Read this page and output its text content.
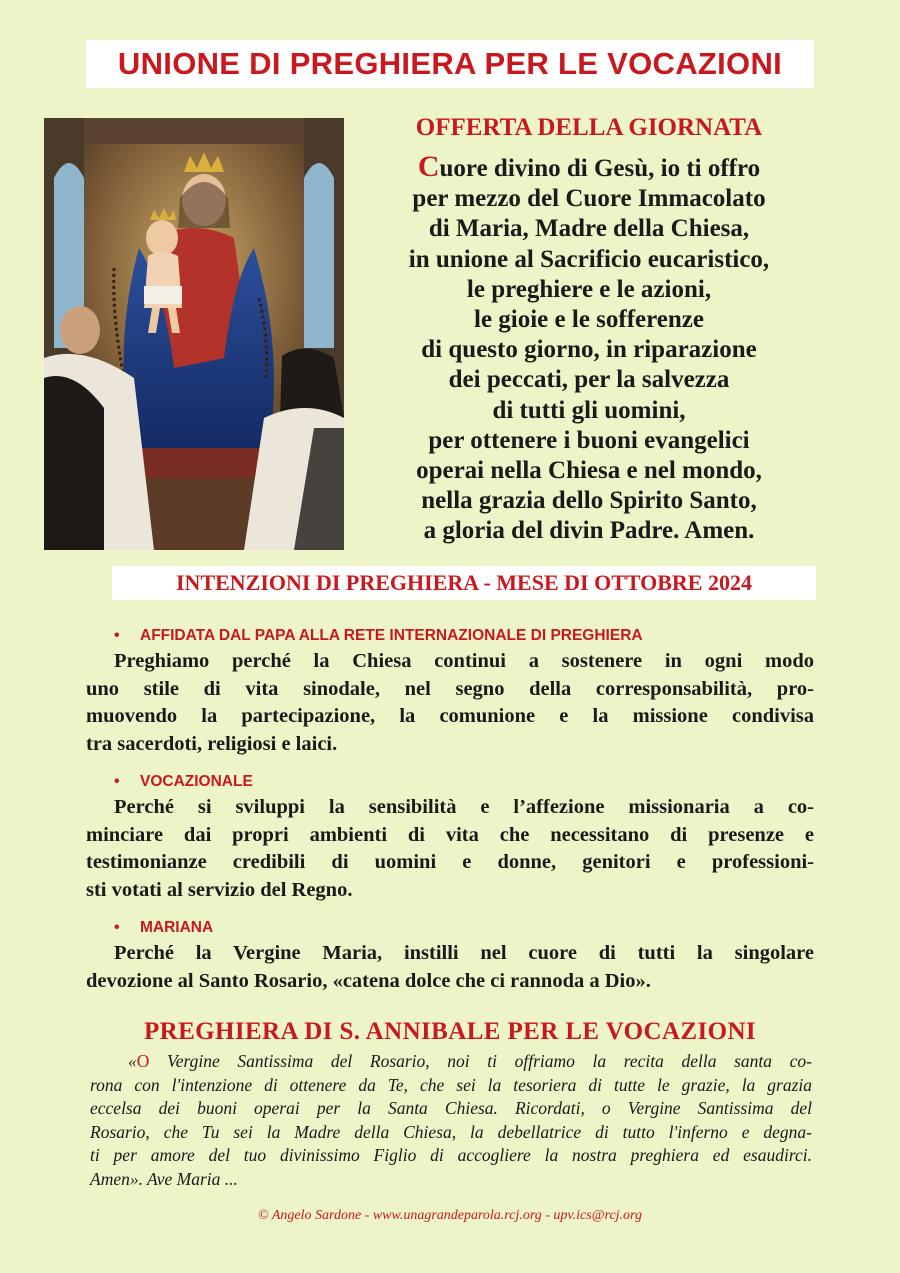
UNIONE DI PREGHIERA PER LE VOCAZIONI
OFFERTA DELLA GIORNATA
Cuore divino di Gesù, io ti offro
per mezzo del Cuore Immacolato
di Maria, Madre della Chiesa,
in unione al Sacrificio eucaristico,
le preghiere e le azioni,
le gioie e le sofferenze
di questo giorno, in riparazione
dei peccati, per la salvezza
di tutti gli uomini,
per ottenere i buoni evangelici
operai nella Chiesa e nel mondo,
nella grazia dello Spirito Santo,
a gloria del divin Padre. Amen.
INTENZIONI DI PREGHIERA - MESE DI OTTOBRE 2024
•	AFFIDATA DAL PAPA ALLA RETE INTERNAZIONALE DI PREGHIERA
Preghiamo perché la Chiesa continui a sostenere in ogni modo
uno stile di vita sinodale, nel segno della corresponsabilità, pro-
muovendo la partecipazione, la comunione e la missione condivisa
tra sacerdoti, religiosi e laici.
•	VOCAZIONALE
Perché si sviluppi la sensibilità e l’affezione missionaria a co-
minciare dai propri ambienti di vita che necessitano di presenze e
testimonianze credibili di uomini e donne, genitori e professioni-
sti votati al servizio del Regno.
•	MARIANA
Perché la Vergine Maria, instilli nel cuore di tutti la singolare
devozione al Santo Rosario, «catena dolce che ci rannoda a Dio».
PREGHIERA DI S. ANNIBALE PER LE VOCAZIONI
«O Vergine Santissima del Rosario, noi ti offriamo la recita della santa co-
rona con l'intenzione di ottenere da Te, che sei la tesoriera di tutte le grazie, la grazia
eccelsa dei buoni operai per la Santa Chiesa. Ricordati, o Vergine Santissima del
Rosario, che Tu sei la Madre della Chiesa, la debellatrice di tutto l'inferno e degna-
ti per amore del tuo divinissimo Figlio di accogliere la nostra preghiera ed esaudirci.
Amen». Ave Maria ...
© Angelo Sardone - www.unagrandeparola.rcj.org - upv.ics@rcj.org
